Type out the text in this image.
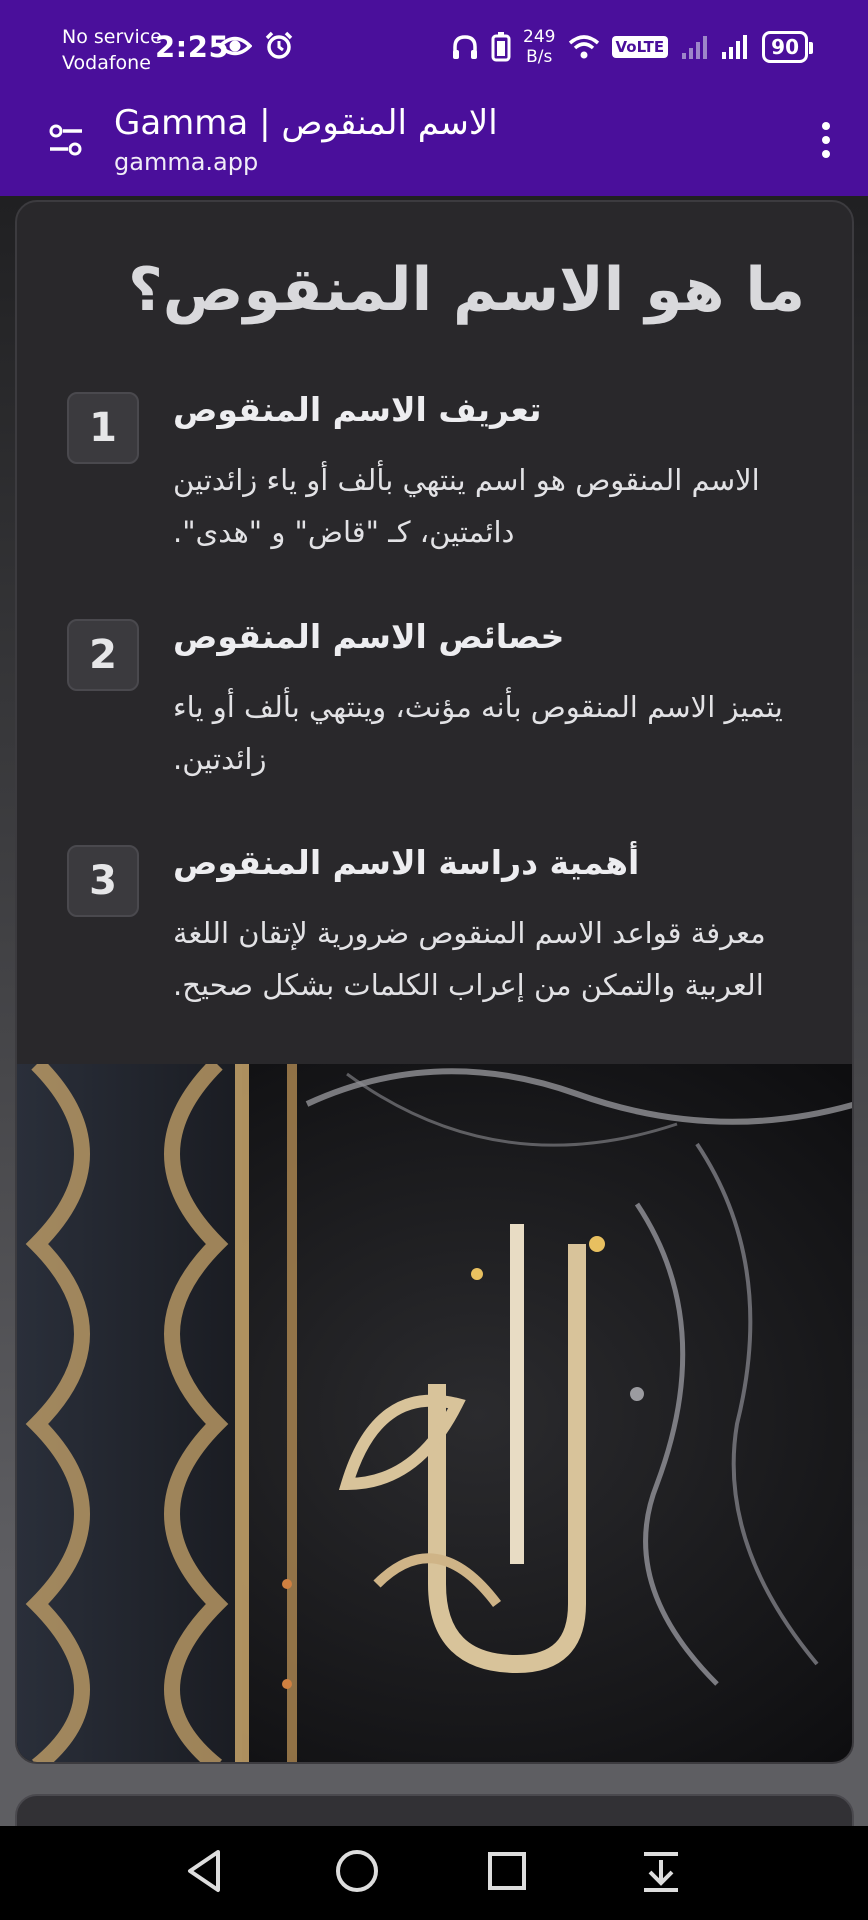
No service
Vodafone 2:25	249
B/s	VoLTE	90
Gamma | الاسم المنقوص
gamma.app
ما هو الاسم المنقوص؟
1	تعريف الاسم المنقوص
الاسم المنقوص هو اسم ينتهي بألف أو ياء زائدتين دائمتين، كـ "قاض" و "هدى".
2	خصائص الاسم المنقوص
يتميز الاسم المنقوص بأنه مؤنث، وينتهي بألف أو ياء زائدتين.
3	أهمية دراسة الاسم المنقوص
معرفة قواعد الاسم المنقوص ضرورية لإتقان اللغة العربية والتمكن من إعراب الكلمات بشكل صحيح.
